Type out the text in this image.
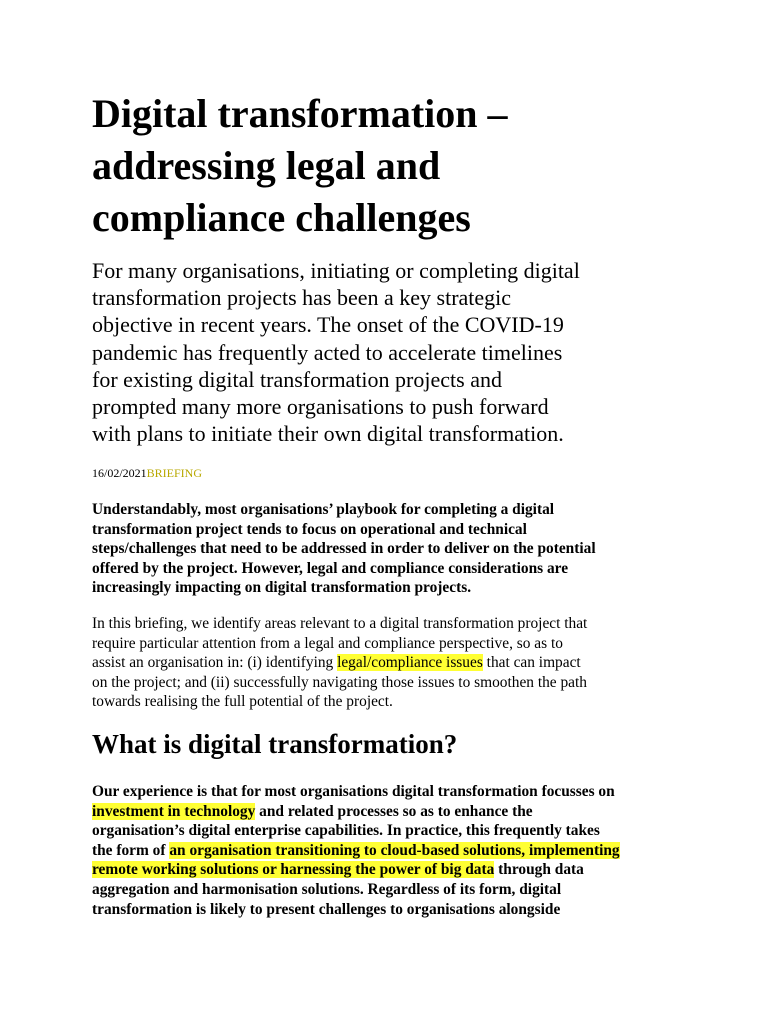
Digital transformation –
addressing legal and
compliance challenges

For many organisations, initiating or completing digital
transformation projects has been a key strategic
objective in recent years. The onset of the COVID-19
pandemic has frequently acted to accelerate timelines
for existing digital transformation projects and
prompted many more organisations to push forward
with plans to initiate their own digital transformation.

16/02/2021BRIEFING

Understandably, most organisations’ playbook for completing a digital
transformation project tends to focus on operational and technical
steps/challenges that need to be addressed in order to deliver on the potential
offered by the project. However, legal and compliance considerations are
increasingly impacting on digital transformation projects.

In this briefing, we identify areas relevant to a digital transformation project that
require particular attention from a legal and compliance perspective, so as to
assist an organisation in: (i) identifying legal/compliance issues that can impact
on the project; and (ii) successfully navigating those issues to smoothen the path
towards realising the full potential of the project.

What is digital transformation?

Our experience is that for most organisations digital transformation focusses on
investment in technology and related processes so as to enhance the
organisation’s digital enterprise capabilities. In practice, this frequently takes
the form of an organisation transitioning to cloud-based solutions, implementing
remote working solutions or harnessing the power of big data through data
aggregation and harmonisation solutions. Regardless of its form, digital
transformation is likely to present challenges to organisations alongside
